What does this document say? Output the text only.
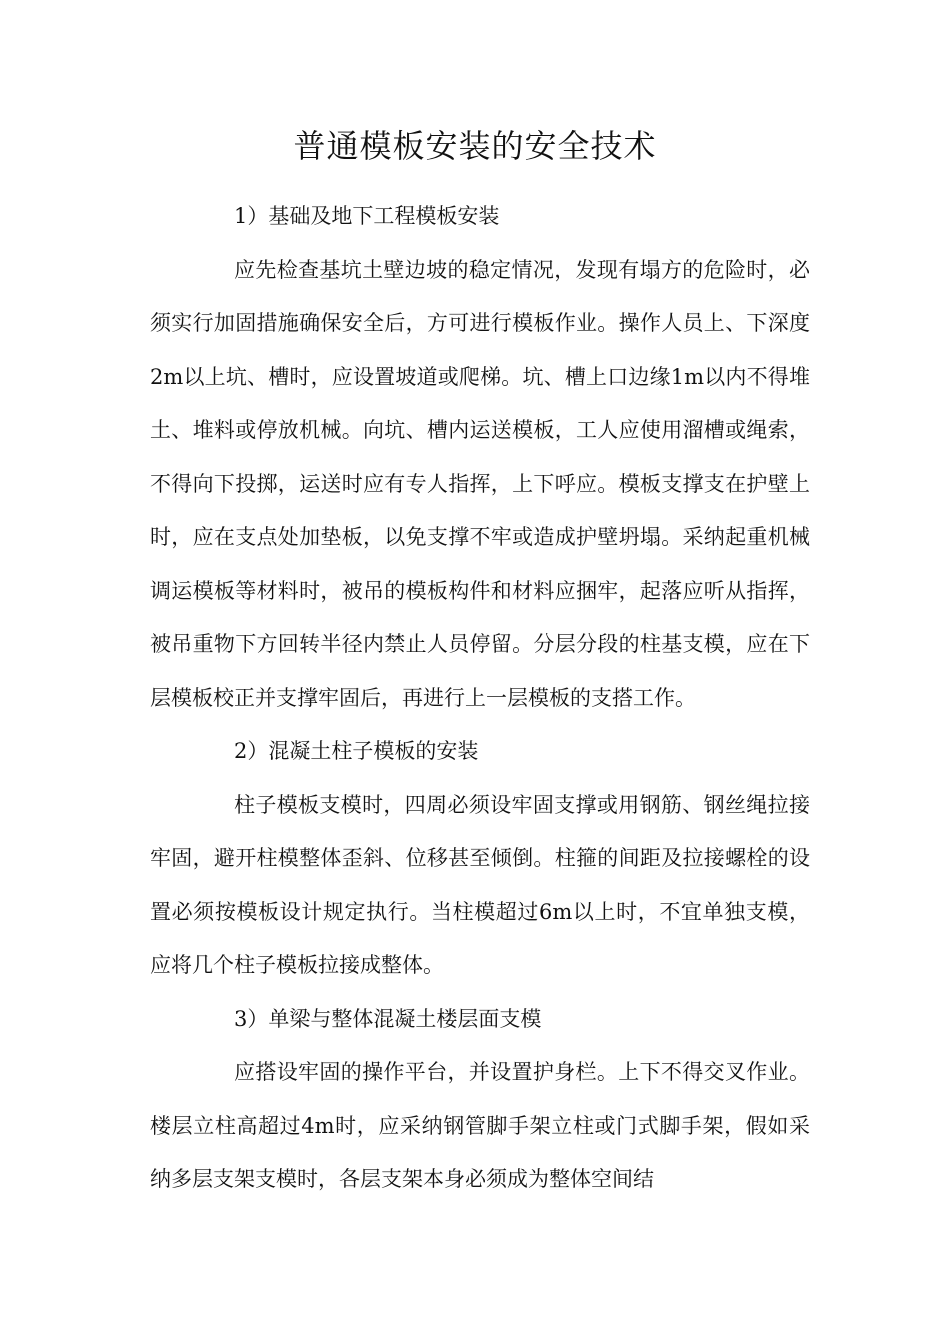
普通模板安装的安全技术

1）基础及地下工程模板安装

应先检查基坑土壁边坡的稳定情况，发现有塌方的危险时，必须实行加固措施确保安全后，方可进行模板作业。操作人员上、下深度2m以上坑、槽时，应设置坡道或爬梯。坑、槽上口边缘1m以内不得堆土、堆料或停放机械。向坑、槽内运送模板，工人应使用溜槽或绳索，不得向下投掷，运送时应有专人指挥，上下呼应。模板支撑支在护壁上时，应在支点处加垫板，以免支撑不牢或造成护壁坍塌。采纳起重机械调运模板等材料时，被吊的模板构件和材料应捆牢，起落应听从指挥，被吊重物下方回转半径内禁止人员停留。分层分段的柱基支模，应在下层模板校正并支撑牢固后，再进行上一层模板的支搭工作。

2）混凝土柱子模板的安装

柱子模板支模时，四周必须设牢固支撑或用钢筋、钢丝绳拉接牢固，避开柱模整体歪斜、位移甚至倾倒。柱箍的间距及拉接螺栓的设置必须按模板设计规定执行。当柱模超过6m以上时，不宜单独支模，应将几个柱子模板拉接成整体。

3）单梁与整体混凝土楼层面支模

应搭设牢固的操作平台，并设置护身栏。上下不得交叉作业。楼层立柱高超过4m时，应采纳钢管脚手架立柱或门式脚手架，假如采纳多层支架支模时，各层支架本身必须成为整体空间结
